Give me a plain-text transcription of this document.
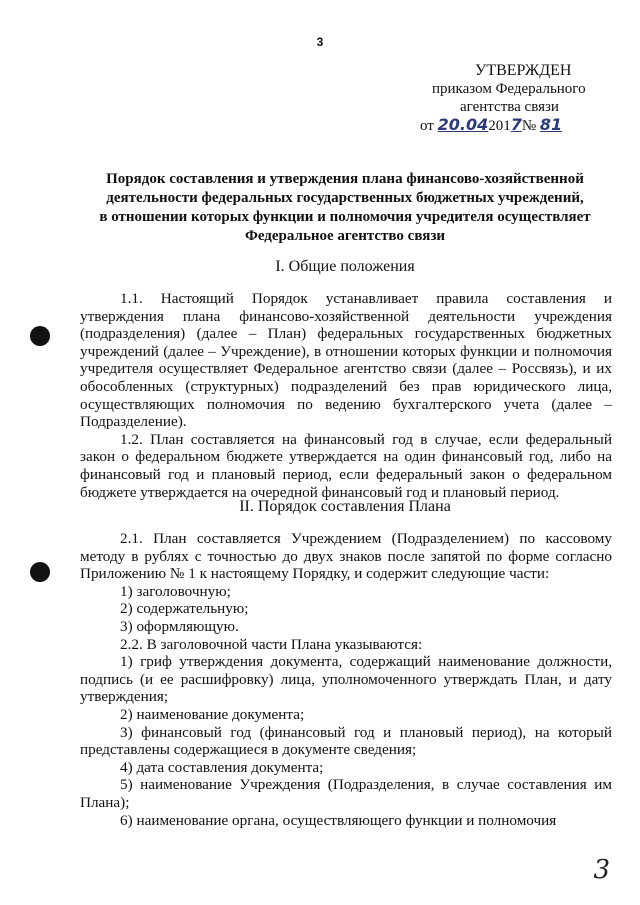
3
УТВЕРЖДЕН
приказом Федерального
агентства связи
от 20.042017№ 81
Порядок составления и утверждения плана финансово-хозяйственной
деятельности федеральных государственных бюджетных учреждений,
в отношении которых функции и полномочия учредителя осуществляет
Федеральное агентство связи
I. Общие положения

1.1. Настоящий Порядок устанавливает правила составления и утверждения плана финансово-хозяйственной деятельности учреждения (подразделения) (далее – План) федеральных государственных бюджетных учреждений (далее – Учреждение), в отношении которых функции и полномочия учредителя осуществляет Федеральное агентство связи (далее – Россвязь), и их обособленных (структурных) подразделений без прав юридического лица, осуществляющих полномочия по ведению бухгалтерского учета (далее – Подразделение).

1.2. План составляется на финансовый год в случае, если федеральный закон о федеральном бюджете утверждается на один финансовый год, либо на финансовый год и плановый период, если федеральный закон о федеральном бюджете утверждается на очередной финансовый год и плановый период.

II. Порядок составления Плана

2.1. План составляется Учреждением (Подразделением) по кассовому методу в рублях с точностью до двух знаков после запятой по форме согласно Приложению № 1 к настоящему Порядку, и содержит следующие части:

1) заголовочную;

2) содержательную;

3) оформляющую.

2.2. В заголовочной части Плана указываются:

1) гриф утверждения документа, содержащий наименование должности, подпись (и ее расшифровку) лица, уполномоченного утверждать План, и дату утверждения;

2) наименование документа;

3) финансовый год (финансовый год и плановый период), на который представлены содержащиеся в документе сведения;

4) дата составления документа;

5) наименование Учреждения (Подразделения, в случае составления им Плана);

6) наименование органа, осуществляющего функции и полномочия

3
